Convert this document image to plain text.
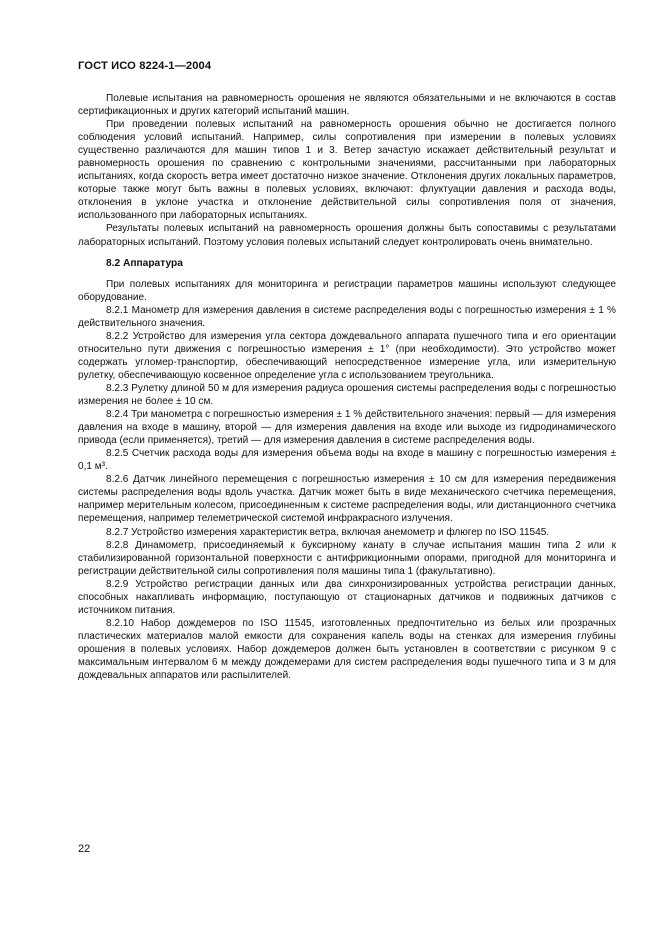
ГОСТ ИСО 8224-1—2004

Полевые испытания на равномерность орошения не являются обязательными и не включаются в состав сертификационных и других категорий испытаний машин.

При проведении полевых испытаний на равномерность орошения обычно не достигается полного соблюдения условий испытаний. Например, силы сопротивления при измерении в полевых условиях существенно различаются для машин типов 1 и 3. Ветер зачастую искажает действительный результат и равномерность орошения по сравнению с контрольными значениями, рассчитанными при лабораторных испытаниях, когда скорость ветра имеет достаточно низкое значение. Отклонения других локальных параметров, которые также могут быть важны в полевых условиях, включают: флуктуации давления и расхода воды, отклонения в уклоне участка и отклонение действительной силы сопротивления поля от значения, использованного при лабораторных испытаниях.

Результаты полевых испытаний на равномерность орошения должны быть сопоставимы с результатами лабораторных испытаний. Поэтому условия полевых испытаний следует контролировать очень внимательно.

8.2 Аппаратура

При полевых испытаниях для мониторинга и регистрации параметров машины используют следующее оборудование.

8.2.1 Манометр для измерения давления в системе распределения воды с погрешностью измерения ± 1 % действительного значения.

8.2.2 Устройство для измерения угла сектора дождевального аппарата пушечного типа и его ориентации относительно пути движения с погрешностью измерения ± 1° (при необходимости). Это устройство может содержать угломер-транспортир, обеспечивающий непосредственное измерение угла, или измерительную рулетку, обеспечивающую косвенное определение угла с использованием треугольника.

8.2.3 Рулетку длиной 50 м для измерения радиуса орошения системы распределения воды с погрешностью измерения не более ± 10 см.

8.2.4 Три манометра с погрешностью измерения ± 1 % действительного значения: первый — для измерения давления на входе в машину, второй — для измерения давления на входе или выходе из гидродинамического привода (если применяется), третий — для измерения давления в системе распределения воды.

8.2.5 Счетчик расхода воды для измерения объема воды на входе в машину с погрешностью измерения ± 0,1 м³.

8.2.6 Датчик линейного перемещения с погрешностью измерения ± 10 см для измерения передвижения системы распределения воды вдоль участка. Датчик может быть в виде механического счетчика перемещения, например мерительным колесом, присоединенным к системе распределения воды, или дистанционного счетчика перемещения, например телеметрической системой инфракрасного излучения.

8.2.7 Устройство измерения характеристик ветра, включая анемометр и флюгер по ISO 11545.

8.2.8 Динамометр, присоединяемый к буксирному канату в случае испытания машин типа 2 или к стабилизированной горизонтальной поверхности с антифрикционными опорами, пригодной для мониторинга и регистрации действительной силы сопротивления поля машины типа 1 (факультативно).

8.2.9 Устройство регистрации данных или два синхронизированных устройства регистрации данных, способных накапливать информацию, поступающую от стационарных датчиков и подвижных датчиков с источником питания.

8.2.10 Набор дождемеров по ISO 11545, изготовленных предпочтительно из белых или прозрачных пластических материалов малой емкости для сохранения капель воды на стенках для измерения глубины орошения в полевых условиях. Набор дождемеров должен быть установлен в соответствии с рисунком 9 с максимальным интервалом 6 м между дождемерами для систем распределения воды пушечного типа и 3 м для дождевальных аппаратов или распылителей.

22
